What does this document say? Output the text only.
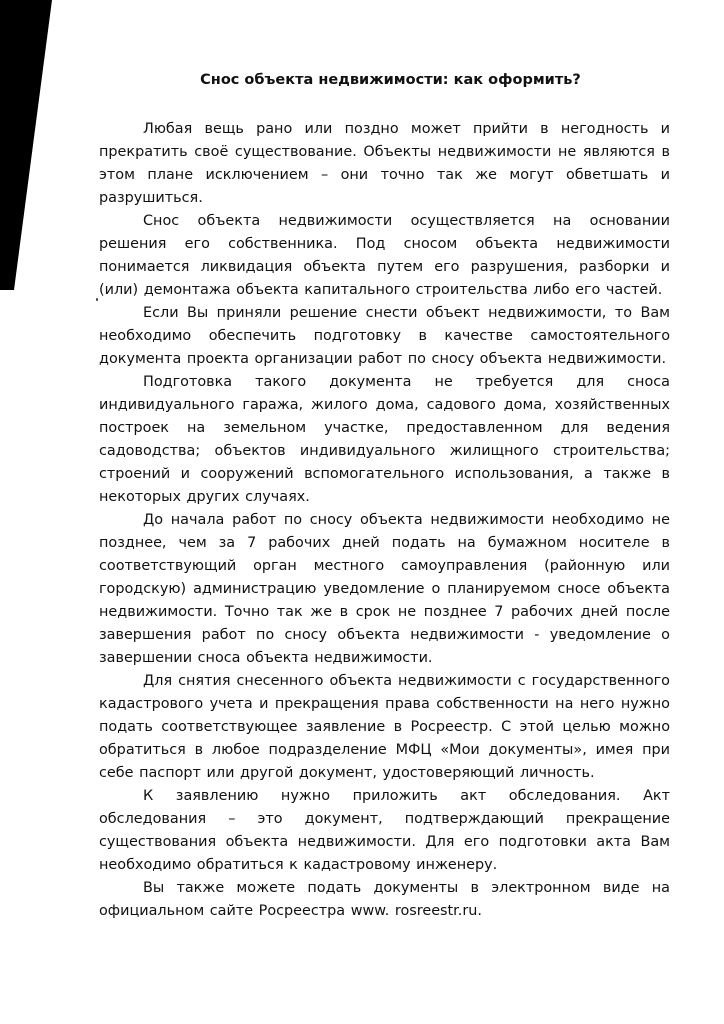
Снос объекта недвижимости: как оформить?

Любая вещь рано или поздно может прийти в негодность и прекратить своё существование. Объекты недвижимости не являются в этом плане исключением – они точно так же могут обветшать и разрушиться.

Снос объекта недвижимости осуществляется на основании решения его собственника. Под сносом объекта недвижимости понимается ликвидация объекта путем его разрушения, разборки и (или) демонтажа объекта капитального строительства либо его частей.

Если Вы приняли решение снести объект недвижимости, то Вам необходимо обеспечить подготовку в качестве самостоятельного документа проекта организации работ по сносу объекта недвижимости.

Подготовка такого документа не требуется для сноса индивидуального гаража, жилого дома, садового дома, хозяйственных построек на земельном участке, предоставленном для ведения садоводства; объектов индивидуального жилищного строительства; строений и сооружений вспомогательного использования, а также в некоторых других случаях.

До начала работ по сносу объекта недвижимости необходимо не позднее, чем за 7 рабочих дней подать на бумажном носителе в соответствующий орган местного самоуправления (районную или городскую) администрацию уведомление о планируемом сносе объекта недвижимости. Точно так же в срок не позднее 7 рабочих дней после завершения работ по сносу объекта недвижимости - уведомление о завершении сноса объекта недвижимости.

Для снятия снесенного объекта недвижимости с государственного кадастрового учета и прекращения права собственности на него нужно подать соответствующее заявление в Росреестр. С этой целью можно обратиться в любое подразделение МФЦ «Мои документы», имея при себе паспорт или другой документ, удостоверяющий личность.

К заявлению нужно приложить акт обследования. Акт обследования – это документ, подтверждающий прекращение существования объекта недвижимости. Для его подготовки акта Вам необходимо обратиться к кадастровому инженеру.

Вы также можете подать документы в электронном виде на официальном сайте Росреестра www. rosreestr.ru.
